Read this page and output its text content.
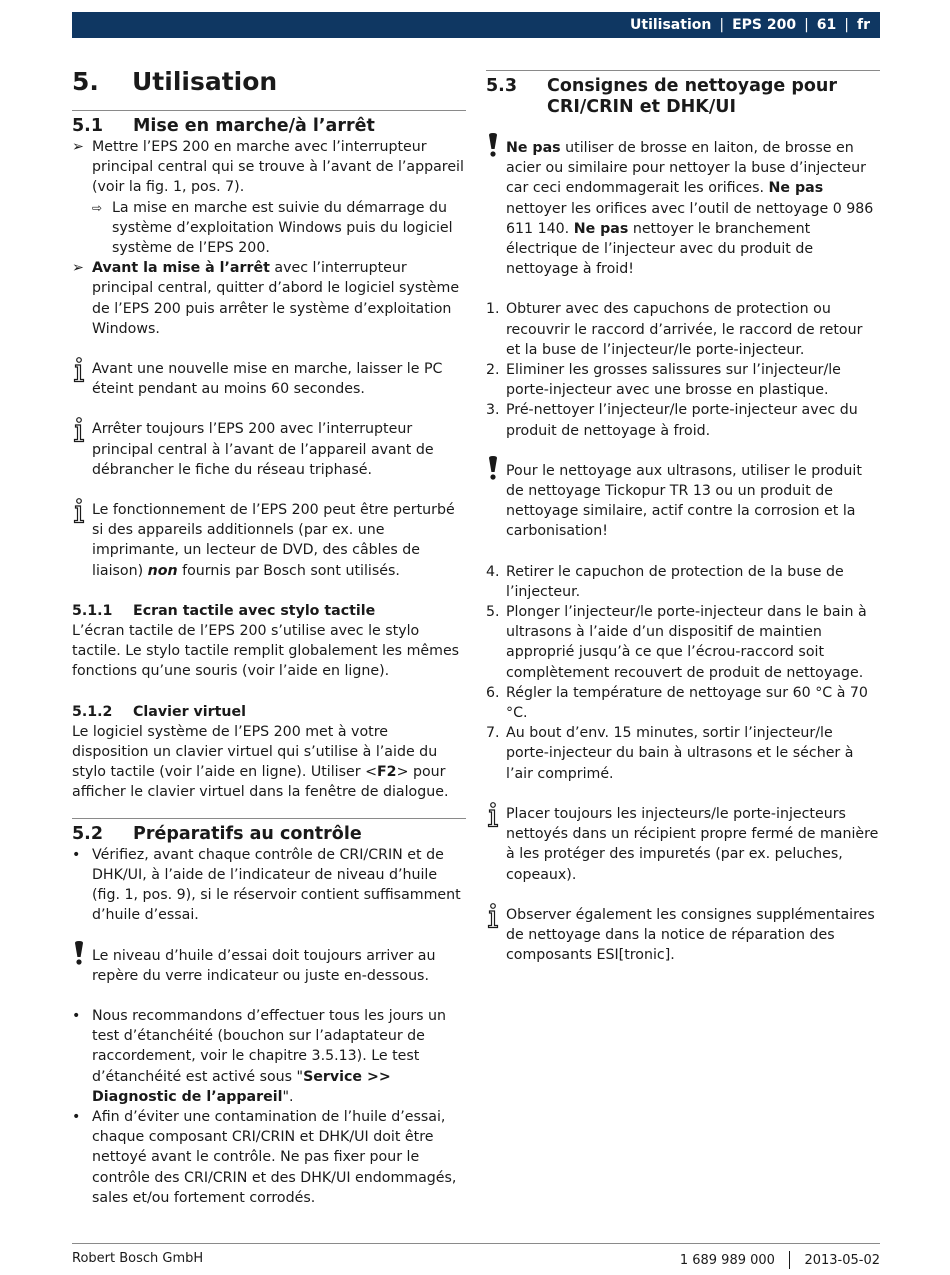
Utilisation | EPS 200 | 61 | fr
5.	Utilisation
5.1	Mise en marche/à l’arrêt
➢ Mettre l’EPS 200 en marche avec l’interrupteur principal central qui se trouve à l’avant de l’appareil (voir la fig. 1, pos. 7).
⇨ La mise en marche est suivie du démarrage du système d’exploitation Windows puis du logiciel système de l’EPS 200.
➢ Avant la mise à l’arrêt avec l’interrupteur principal central, quitter d’abord le logiciel système de l’EPS 200 puis arrêter le système d’exploitation Windows.
Avant une nouvelle mise en marche, laisser le PC éteint pendant au moins 60 secondes.
Arrêter toujours l’EPS 200 avec l’interrupteur principal central à l’avant de l’appareil avant de débrancher le fiche du réseau triphasé.
Le fonctionnement de l’EPS 200 peut être perturbé si des appareils additionnels (par ex. une imprimante, un lecteur de DVD, des câbles de liaison) non fournis par Bosch sont utilisés.
5.1.1	Ecran tactile avec stylo tactile

L’écran tactile de l’EPS 200 s’utilise avec le stylo tactile. Le stylo tactile remplit globalement les mêmes fonctions qu’une souris (voir l’aide en ligne).

5.1.2	Clavier virtuel

Le logiciel système de l’EPS 200 met à votre disposition un clavier virtuel qui s’utilise à l’aide du stylo tactile (voir l’aide en ligne). Utiliser <F2> pour afficher le clavier virtuel dans la fenêtre de dialogue.

5.2	Préparatifs au contrôle
• Vérifiez, avant chaque contrôle de CRI/CRIN et de DHK/UI, à l’aide de l’indicateur de niveau d’huile (fig. 1, pos. 9), si le réservoir contient suffisamment d’huile d’essai.
Le niveau d’huile d’essai doit toujours arriver au repère du verre indicateur ou juste en-dessous.
• Nous recommandons d’effectuer tous les jours un test d’étanchéité (bouchon sur l’adaptateur de raccordement, voir le chapitre 3.5.13). Le test d’étanchéité est activé sous "Service >> Diagnostic de l’appareil".
• Afin d’éviter une contamination de l’huile d’essai, chaque composant CRI/CRIN et DHK/UI doit être nettoyé avant le contrôle. Ne pas fixer pour le contrôle des CRI/CRIN et des DHK/UI endommagés, sales et/ou fortement corrodés.
5.3	Consignes de nettoyage pour CRI/CRIN et DHK/UI
Ne pas utiliser de brosse en laiton, de brosse en acier ou similaire pour nettoyer la buse d’injecteur car ceci endommagerait les orifices. Ne pas nettoyer les orifices avec l’outil de nettoyage 0 986 611 140. Ne pas nettoyer le branchement électrique de l’injecteur avec du produit de nettoyage à froid!
1. Obturer avec des capuchons de protection ou recouvrir le raccord d’arrivée, le raccord de retour et la buse de l’injecteur/le porte-injecteur.
2. Eliminer les grosses salissures sur l’injecteur/le porte-injecteur avec une brosse en plastique.
3. Pré-nettoyer l’injecteur/le porte-injecteur avec du produit de nettoyage à froid.
Pour le nettoyage aux ultrasons, utiliser le produit de nettoyage Tickopur TR 13 ou un produit de nettoyage similaire, actif contre la corrosion et la carbonisation!
4. Retirer le capuchon de protection de la buse de l’injecteur.
5. Plonger l’injecteur/le porte-injecteur dans le bain à ultrasons à l’aide d’un dispositif de maintien approprié jusqu’à ce que l’écrou-raccord soit complètement recouvert de produit de nettoyage.
6. Régler la température de nettoyage sur 60 °C à 70 °C.
7. Au bout d’env. 15 minutes, sortir l’injecteur/le porte-injecteur du bain à ultrasons et le sécher à l’air comprimé.
Placer toujours les injecteurs/le porte-injecteurs nettoyés dans un récipient propre fermé de manière à les protéger des impuretés (par ex. peluches, copeaux).
Observer également les consignes supplémentaires de nettoyage dans la notice de réparation des composants ESI[tronic].
Robert Bosch GmbH	1 689 989 000 2013-05-02
